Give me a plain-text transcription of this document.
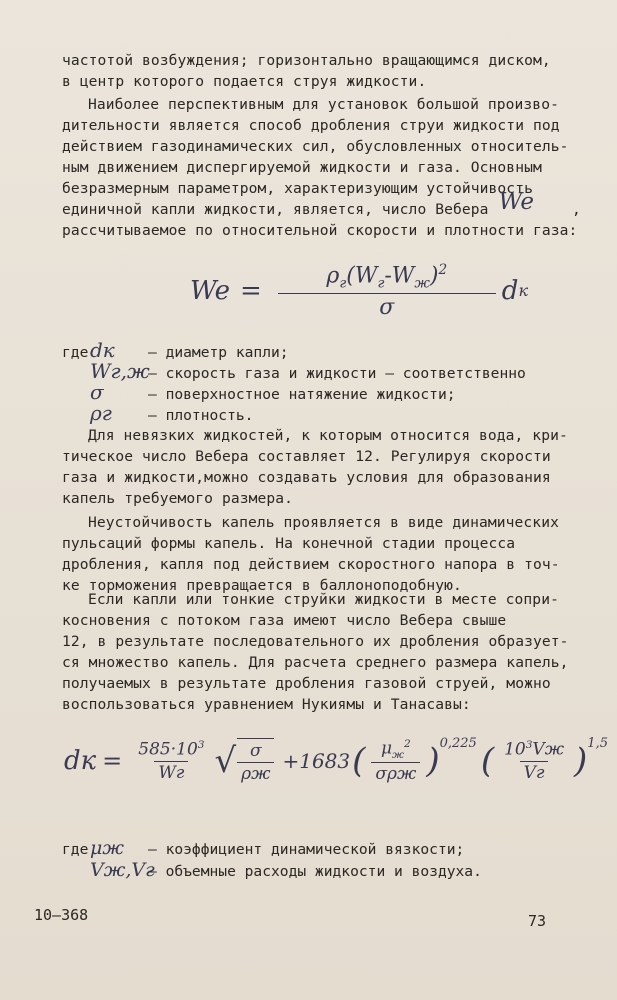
частотой возбуждения; горизонтально вращающимся диском,

в центр которого подается струя жидкости.

Наиболее перспективным для установок большой произво-

дительности является способ дробления струи жидкости под

действием газодинамических сил, обусловленных относитель-

ным движением диспергируемой жидкости и газа. Основным

безразмерным параметром, характеризующим устойчивость

единичной капли жидкости, является, число Вебера We	,

рассчитываемое по относительной скорости и плотности газа:

$We = \frac{\rho_г(W_г-W_ж)^2}{\sigma}$ d к
гдеdк – диаметр капли;
Wг,ж– скорость газа и жидкости – соответственно
σ	– поверхностное натяжение жидкости;
ρг – плотность.

Для невязких жидкостей, к которым относится вода, кри-

тическое число Вебера составляет 12. Регулируя скорости

газа и жидкости,можно создавать условия для образования

капель требуемого размера.

Неустойчивость капель проявляется в виде динамических

пульсаций формы капель. На конечной стадии процесса

дробления, капля под действием скоростного напора в точ-

ке торможения превращается в баллоноподобную.

Если капли или тонкие струйки жидкости в месте сопри-

косновения с потоком газа имеют число Вебера свыше

12, в результате последовательного их дробления образует-

ся множество капель. Для расчета среднего размера капель,

получаемых в результате дробления газовой струей, можно

воспользоваться уравнением Нукиямы и Танасавы:

dк = $\frac{585\cdot 10^3}{Wг}$ √ $\frac{\sigma}{\rho ж} +1683$ ( $\frac{\mu_ж^2}{\text{σρж}} )^{0,225}$ ( $\frac{10^3Vж}{Vг} )^{1,5}$
гдеμж – коэффициент динамической вязкости;
Vж,Vг– объемные расходы жидкости и воздуха.
10–368	73
